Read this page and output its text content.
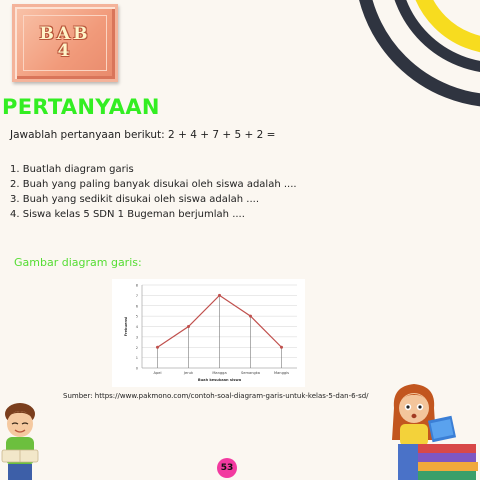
BAB
4
PERTANYAAN
Jawablah pertanyaan berikut: 2 + 4 + 7 + 5 + 2 =
1. Buatlah diagram garis
2. Buah yang paling banyak disukai oleh siswa adalah ....
3. Buah yang sedikit disukai oleh siswa adalah ....
4. Siswa kelas 5 SDN 1 Bugeman berjumlah ....
Gambar diagram garis:
0
1
2
3
4
5
6
7
8
Apel	Jeruk	Mangga	Semangka	Manggis
Buah kesukaan siswa
Frekuensi
Sumber: https://www.pakmono.com/contoh-soal-diagram-garis-untuk-kelas-5-dan-6-sd/
53
